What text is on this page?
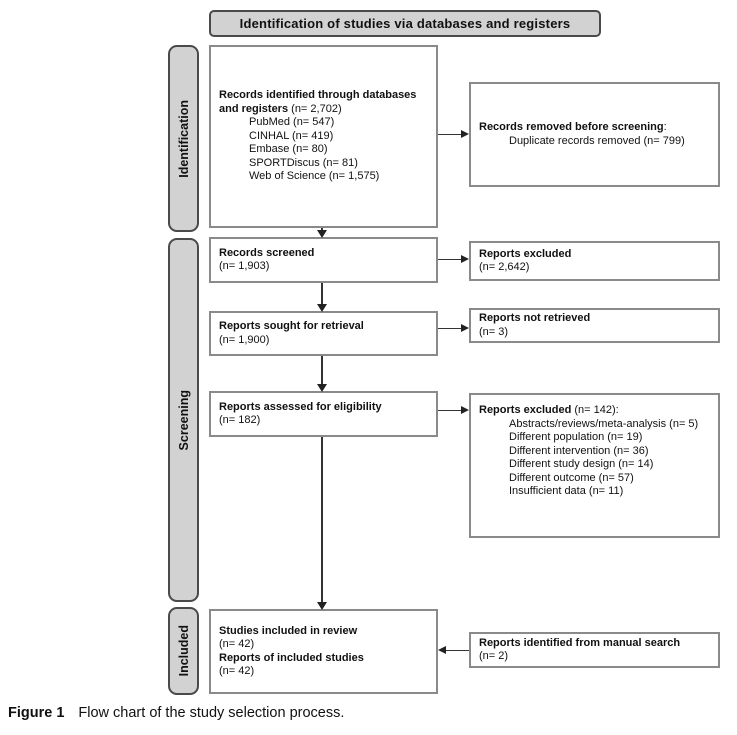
Identification of studies via databases and registers
Identification
Screening
Included
Records identified through databases and registers (n= 2,702)
PubMed (n= 547)
CINHAL (n= 419)
Embase (n= 80)
SPORTDiscus (n= 81)
Web of Science (n= 1,575)
Records screened
(n= 1,903)
Reports sought for retrieval
(n= 1,900)
Reports assessed for eligibility
(n= 182)
Studies included in review
(n= 42)
Reports of included studies
(n= 42)
Records removed before screening:
Duplicate records removed (n= 799)
Reports excluded
(n= 2,642)
Reports not retrieved
(n= 3)
Reports excluded (n= 142):
Abstracts/reviews/meta-analysis (n= 5)
Different population (n= 19)
Different intervention (n= 36)
Different study design (n= 14)
Different outcome (n= 57)
Insufficient data (n= 11)
Reports identified from manual search
(n= 2)
Figure 1 Flow chart of the study selection process.
